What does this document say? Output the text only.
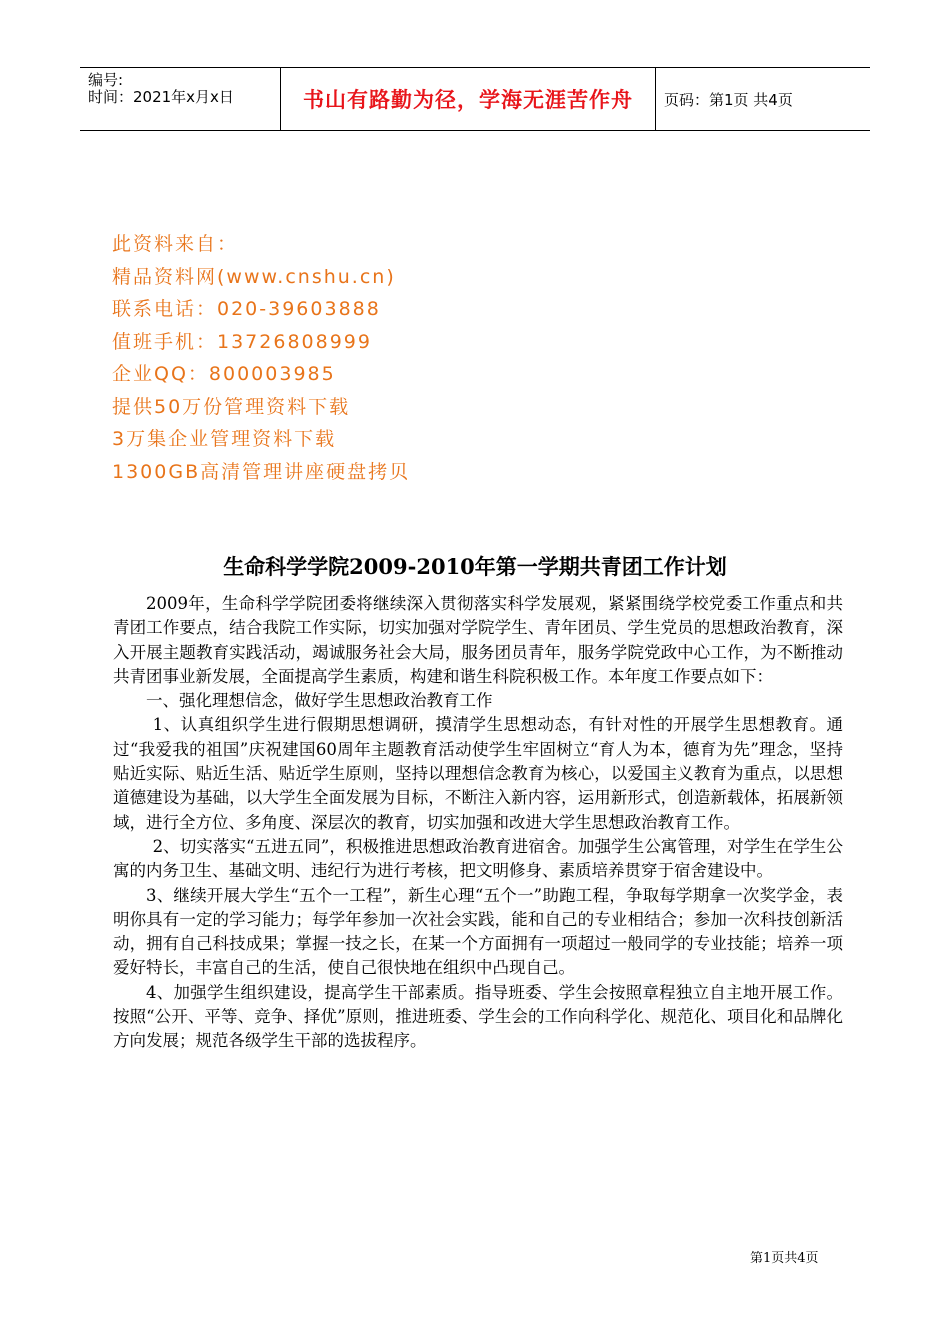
编号:
时间：2021年x月x日	书山有路勤为径，学海无涯苦作舟 页码：第1页 共4页
此资料来自：
精品资料网(www.cnshu.cn)
联系电话：020-39603888
值班手机：13726808999
企业QQ：800003985
提供50万份管理资料下载
3万集企业管理资料下载
1300GB高清管理讲座硬盘拷贝
生命科学学院2009-2010年第一学期共青团工作计划

2009年，生命科学学院团委将继续深入贯彻落实科学发展观，紧紧围绕学校党委工作重点和共青团工作要点，结合我院工作实际，切实加强对学院学生、青年团员、学生党员的思想政治教育，深入开展主题教育实践活动，竭诚服务社会大局，服务团员青年，服务学院党政中心工作，为不断推动共青团事业新发展，全面提高学生素质，构建和谐生科院积极工作。本年度工作要点如下：

一、强化理想信念，做好学生思想政治教育工作

1、认真组织学生进行假期思想调研，摸清学生思想动态，有针对性的开展学生思想教育。通过“我爱我的祖国”庆祝建国60周年主题教育活动使学生牢固树立“育人为本，德育为先”理念，坚持贴近实际、贴近生活、贴近学生原则，坚持以理想信念教育为核心，以爱国主义教育为重点，以思想道德建设为基础，以大学生全面发展为目标，不断注入新内容，运用新形式，创造新载体，拓展新领域，进行全方位、多角度、深层次的教育，切实加强和改进大学生思想政治教育工作。

2、切实落实“五进五同”，积极推进思想政治教育进宿舍。加强学生公寓管理，对学生在学生公寓的内务卫生、基础文明、违纪行为进行考核，把文明修身、素质培养贯穿于宿舍建设中。

3、继续开展大学生“五个一工程”，新生心理“五个一”助跑工程，争取每学期拿一次奖学金，表明你具有一定的学习能力；每学年参加一次社会实践，能和自己的专业相结合；参加一次科技创新活动，拥有自己科技成果；掌握一技之长，在某一个方面拥有一项超过一般同学的专业技能；培养一项爱好特长，丰富自己的生活，使自己很快地在组织中凸现自己。

4、加强学生组织建设，提高学生干部素质。指导班委、学生会按照章程独立自主地开展工作。按照“公开、平等、竞争、择优”原则，推进班委、学生会的工作向科学化、规范化、项目化和品牌化方向发展；规范各级学生干部的选拔程序。

第1页共4页
